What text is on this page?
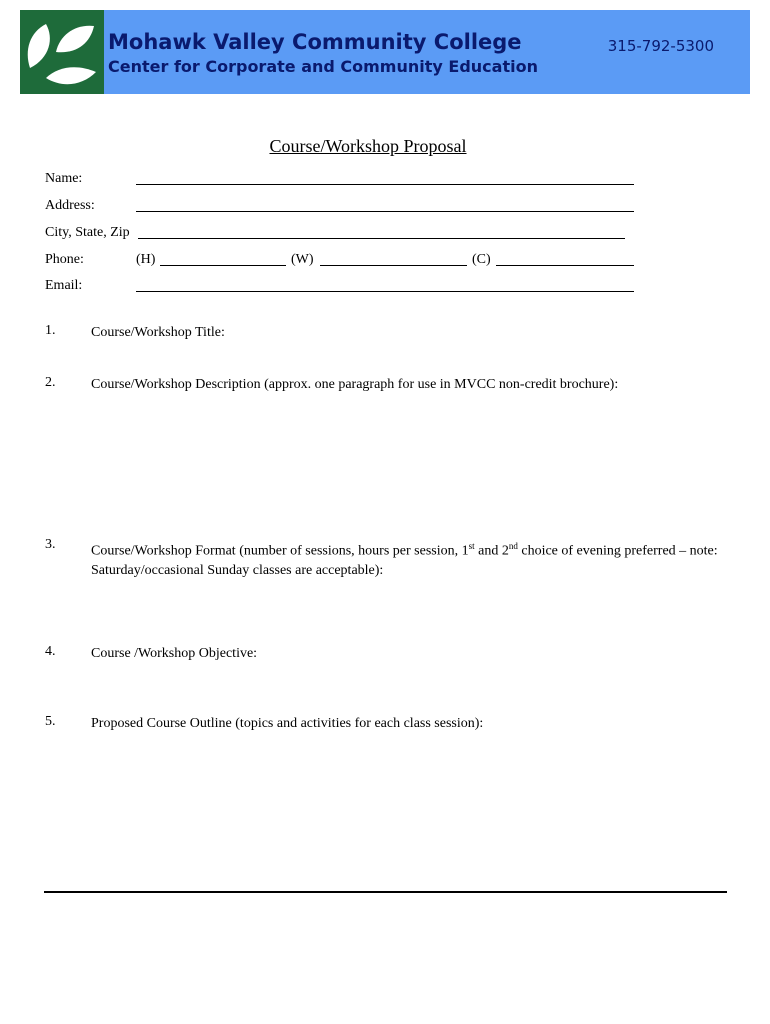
Mohawk Valley Community College
Center for Corporate and Community Education
315-792-5300
Course/Workshop Proposal
Name:
Address:
City, State, Zip
Phone:	(H)	(W)	(C)
Email:
1.	Course/Workshop Title:
2.	Course/Workshop Description (approx. one paragraph for use in MVCC non-credit brochure):
3.	Course/Workshop Format (number of sessions, hours per session, 1st and 2nd choice of evening preferred – note: Saturday/occasional Sunday classes are acceptable):
4.	Course /Workshop Objective:
5.	Proposed Course Outline (topics and activities for each class session):
